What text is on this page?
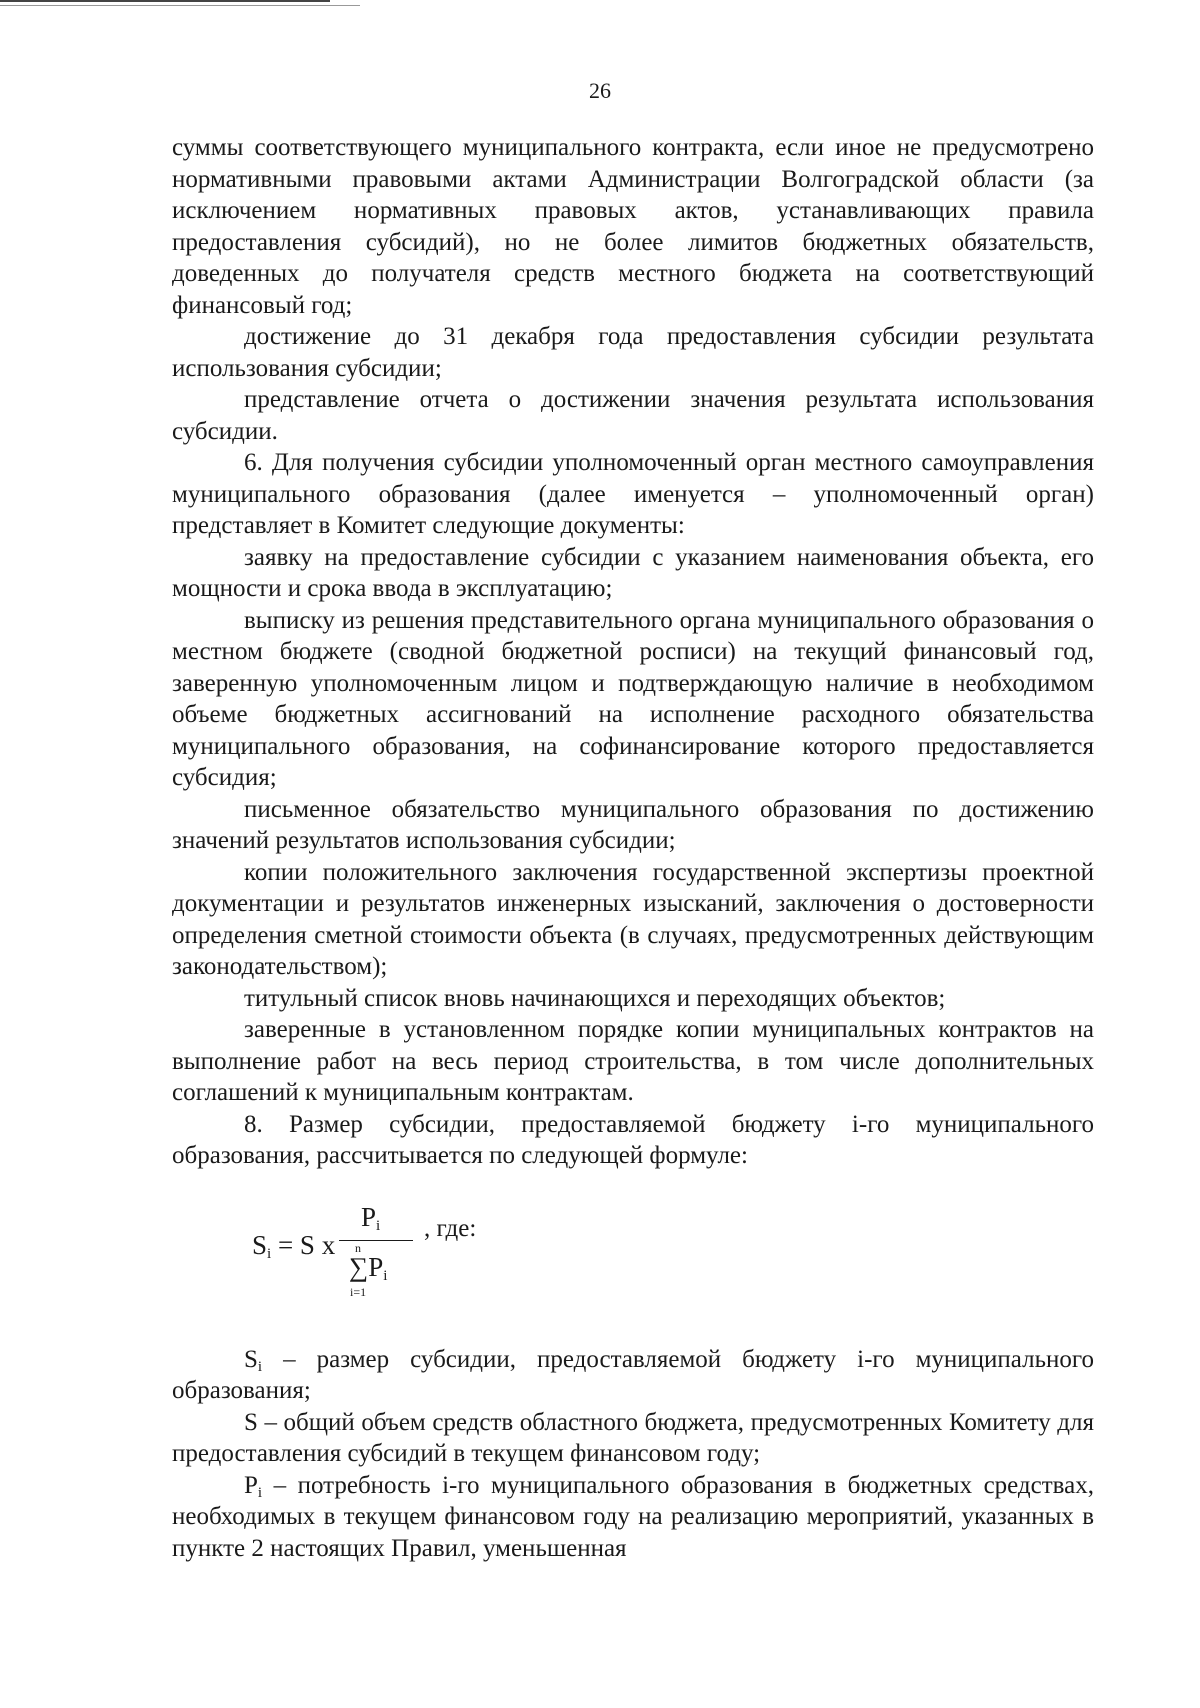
26

суммы соответствующего муниципального контракта, если иное не предусмотрено нормативными правовыми актами Администрации Волгоградской области (за исключением нормативных правовых актов, устанавливающих правила предоставления субсидий), но не более лимитов бюджетных обязательств, доведенных до получателя средств местного бюджета на соответствующий финансовый год;

достижение до 31 декабря года предоставления субсидии результата использования субсидии;

представление отчета о достижении значения результата использования субсидии.

6. Для получения субсидии уполномоченный орган местного самоуправления муниципального образования (далее именуется – уполномоченный орган) представляет в Комитет следующие документы:

заявку на предоставление субсидии с указанием наименования объекта, его мощности и срока ввода в эксплуатацию;

выписку из решения представительного органа муниципального образования о местном бюджете (сводной бюджетной росписи) на текущий финансовый год, заверенную уполномоченным лицом и подтверждающую наличие в необходимом объеме бюджетных ассигнований на исполнение расходного обязательства муниципального образования, на софинансирование которого предоставляется субсидия;

письменное обязательство муниципального образования по достижению значений результатов использования субсидии;

копии положительного заключения государственной экспертизы проектной документации и результатов инженерных изысканий, заключения о достоверности определения сметной стоимости объекта (в случаях, предусмотренных действующим законодательством);

титульный список вновь начинающихся и переходящих объектов;

заверенные в установленном порядке копии муниципальных контрактов на выполнение работ на весь период строительства, в том числе дополнительных соглашений к муниципальным контрактам.

8. Размер субсидии, предоставляемой бюджету i-го муниципального образования, рассчитывается по следующей формуле:

$S_i = S$ x
$P_i$
n
$\sum P_i$
i=1
, где:

$S_i$ – размер субсидии, предоставляемой бюджету i-го муниципального образования;

S – общий объем средств областного бюджета, предусмотренных Комитету для предоставления субсидий в текущем финансовом году;

$P_i$ – потребность i-го муниципального образования в бюджетных средствах, необходимых в текущем финансовом году на реализацию мероприятий, указанных в пункте 2 настоящих Правил, уменьшенная
